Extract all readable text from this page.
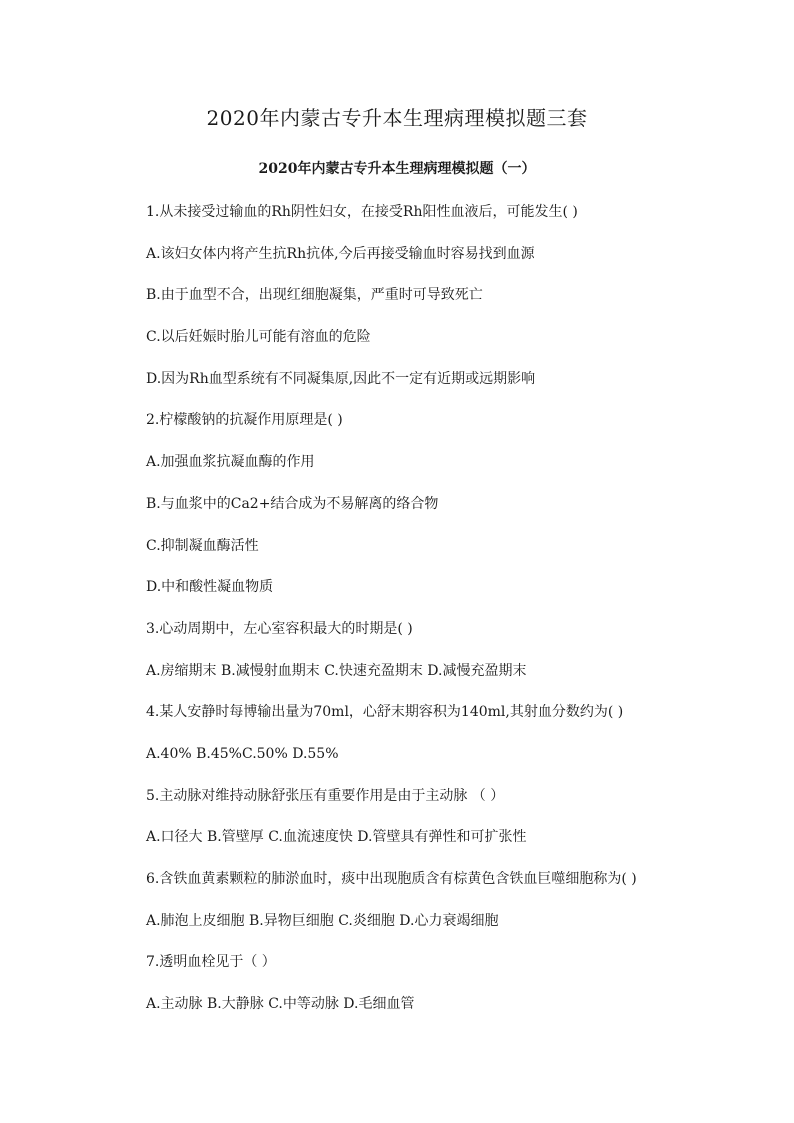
2020年内蒙古专升本生理病理模拟题三套
2020年内蒙古专升本生理病理模拟题（一）
1.从未接受过输血的Rh阴性妇女，在接受Rh阳性血液后，可能发生( )
A.该妇女体内将产生抗Rh抗体,今后再接受输血时容易找到血源
B.由于血型不合，出现红细胞凝集，严重时可导致死亡
C.以后妊娠时胎儿可能有溶血的危险
D.因为Rh血型系统有不同凝集原,因此不一定有近期或远期影响
2.柠檬酸钠的抗凝作用原理是( )
A.加强血浆抗凝血酶的作用
B.与血浆中的Ca2+结合成为不易解离的络合物
C.抑制凝血酶活性
D.中和酸性凝血物质
3.心动周期中，左心室容积最大的时期是( )
A.房缩期末 B.减慢射血期末 C.快速充盈期末 D.减慢充盈期末
4.某人安静时每博输出量为70ml，心舒末期容积为140ml,其射血分数约为( )
A.40% B.45%C.50% D.55%
5.主动脉对维持动脉舒张压有重要作用是由于主动脉 （ ）
A.口径大 B.管壁厚 C.血流速度快 D.管壁具有弹性和可扩张性
6.含铁血黄素颗粒的肺淤血时，痰中出现胞质含有棕黄色含铁血巨噬细胞称为( )
A.肺泡上皮细胞 B.异物巨细胞 C.炎细胞 D.心力衰竭细胞
7.透明血栓见于（ ）
A.主动脉 B.大静脉 C.中等动脉 D.毛细血管
